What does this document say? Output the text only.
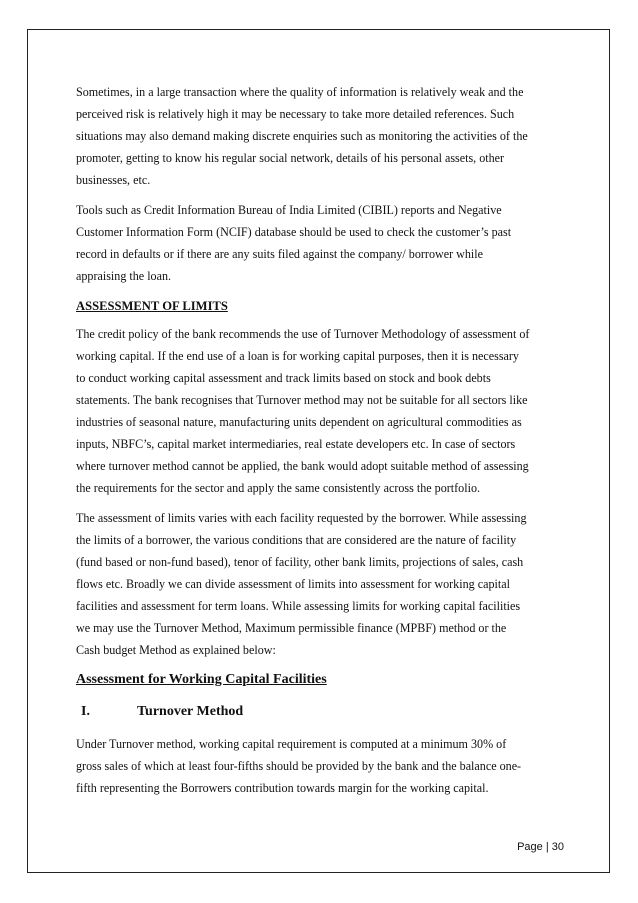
Sometimes, in a large transaction where the quality of information is relatively weak and the
perceived risk is relatively high it may be necessary to take more detailed references. Such
situations may also demand making discrete enquiries such as monitoring the activities of the
promoter, getting to know his regular social network, details of his personal assets, other
businesses, etc.

Tools such as Credit Information Bureau of India Limited (CIBIL) reports and Negative
Customer Information Form (NCIF) database should be used to check the customer’s past
record in defaults or if there are any suits filed against the company/ borrower while
appraising the loan.

ASSESSMENT OF LIMITS

The credit policy of the bank recommends the use of Turnover Methodology of assessment of
working capital. If the end use of a loan is for working capital purposes, then it is necessary
to conduct working capital assessment and track limits based on stock and book debts
statements. The bank recognises that Turnover method may not be suitable for all sectors like
industries of seasonal nature, manufacturing units dependent on agricultural commodities as
inputs, NBFC’s, capital market intermediaries, real estate developers etc. In case of sectors
where turnover method cannot be applied, the bank would adopt suitable method of assessing
the requirements for the sector and apply the same consistently across the portfolio.

The assessment of limits varies with each facility requested by the borrower. While assessing
the limits of a borrower, the various conditions that are considered are the nature of facility
(fund based or non-fund based), tenor of facility, other bank limits, projections of sales, cash
flows etc. Broadly we can divide assessment of limits into assessment for working capital
facilities and assessment for term loans. While assessing limits for working capital facilities
we may use the Turnover Method, Maximum permissible finance (MPBF) method or the
Cash budget Method as explained below:

Assessment for Working Capital Facilities
I.	Turnover Method

Under Turnover method, working capital requirement is computed at a minimum 30% of
gross sales of which at least four-fifths should be provided by the bank and the balance one-
fifth representing the Borrowers contribution towards margin for the working capital.

Page | 30
